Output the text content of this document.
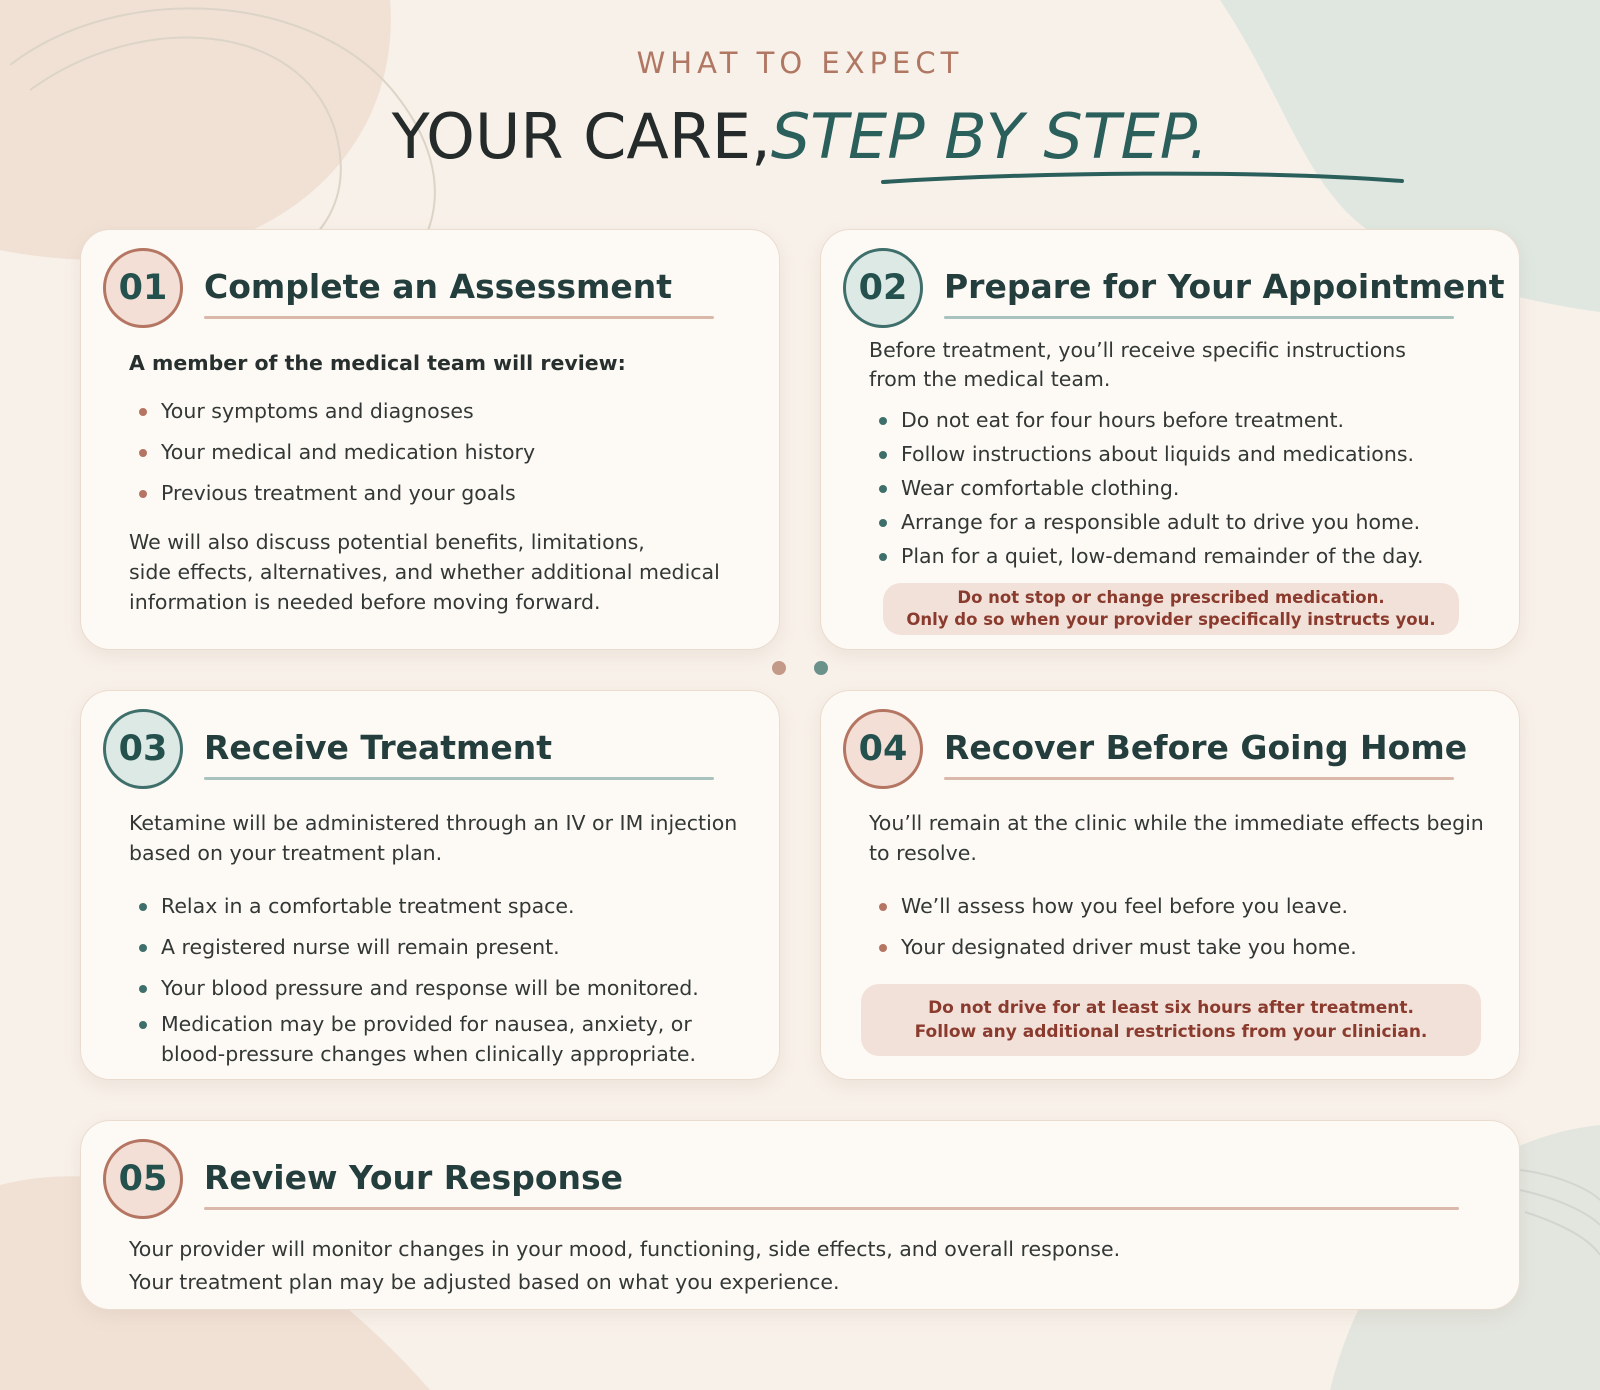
WHAT TO EXPECT
YOUR CARE,STEP BY STEP.
01	Complete an Assessment
A member of the medical team will review:
Your symptoms and diagnoses
Your medical and medication history
Previous treatment and your goals
We will also discuss potential benefits, limitations,
side effects, alternatives, and whether additional medical
information is needed before moving forward.
02	Prepare for Your Appointment
Before treatment, you’ll receive specific instructions
from the medical team.
Do not eat for four hours before treatment.
Follow instructions about liquids and medications.
Wear comfortable clothing.
Arrange for a responsible adult to drive you home.
Plan for a quiet, low-demand remainder of the day.
Do not stop or change prescribed medication.
Only do so when your provider specifically instructs you.
03	Receive Treatment
Ketamine will be administered through an IV or IM injection
based on your treatment plan.
Relax in a comfortable treatment space.
A registered nurse will remain present.
Your blood pressure and response will be monitored.
Medication may be provided for nausea, anxiety, or
blood-pressure changes when clinically appropriate.
04	Recover Before Going Home
You’ll remain at the clinic while the immediate effects begin
to resolve.
We’ll assess how you feel before you leave.
Your designated driver must take you home.
Do not drive for at least six hours after treatment.
Follow any additional restrictions from your clinician.
05	Review Your Response
Your provider will monitor changes in your mood, functioning, side effects, and overall response.
Your treatment plan may be adjusted based on what you experience.
